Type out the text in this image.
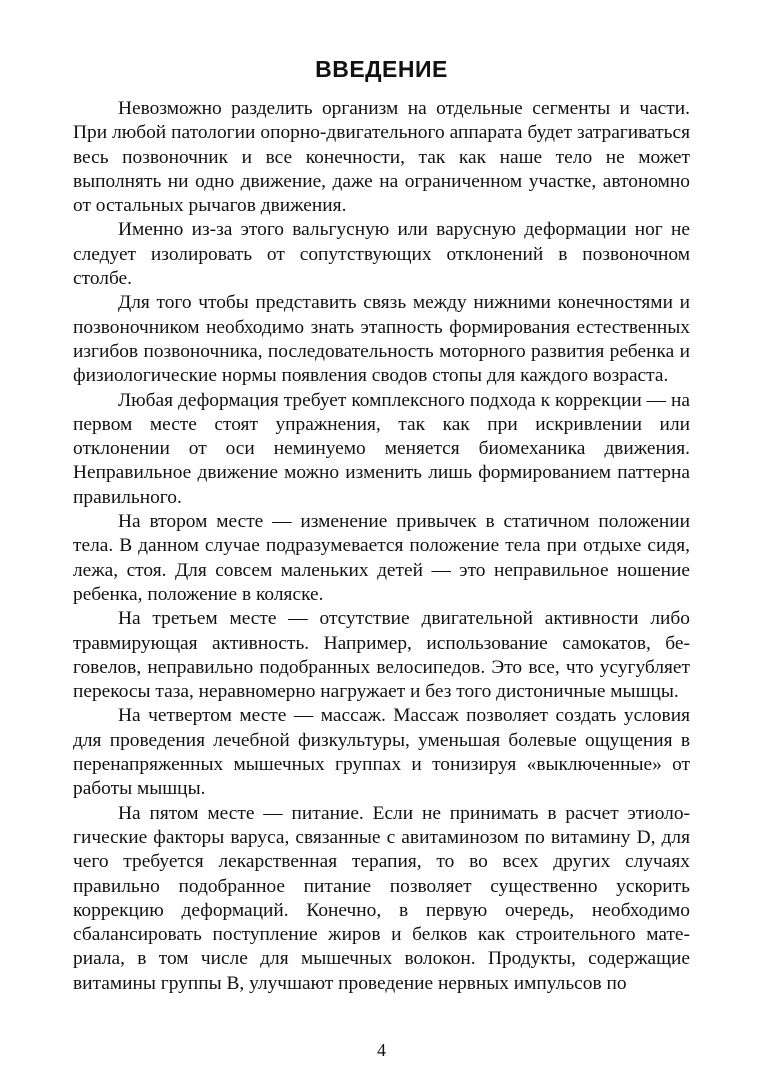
ВВЕДЕНИЕ

Невозможно разделить организм на отдельные сегменты и части. При любой патологии опорно-двигательного аппарата будет затрагиваться весь позвоночник и все конечности, так как наше тело не может выполнять ни одно движение, даже на ограниченном участке, автономно от остальных рычагов движения.

Именно из-за этого вальгусную или варусную деформации ног не следует изолировать от сопутствующих отклонений в позвоночном столбе.

Для того чтобы представить связь между нижними конечностями и позвоночником необходимо знать этапность формирования естественных изгибов позвоночника, последовательность моторного развития ребенка и физиологические нормы появления сводов стопы для каждого возраста.

Любая деформация требует комплексного подхода к коррекции — на первом месте стоят упражнения, так как при искривлении или отклонении от оси неминуемо меняется биомеханика движения. Неправильное движение можно изменить лишь формированием паттерна правильного.

На втором месте — изменение привычек в статичном положении тела. В данном случае подразумевается положение тела при отдыхе сидя, лежа, стоя. Для совсем маленьких детей — это неправильное ношение ребенка, положение в коляске.

На третьем месте — отсутствие двигательной активности либо травмирующая активность. Например, использование самокатов, беговелов, неправильно подобранных велосипедов. Это все, что усугубляет перекосы таза, неравномерно нагружает и без того дистоничные мышцы.

На четвертом месте — массаж. Массаж позволяет создать условия для проведения лечебной физкультуры, уменьшая болевые ощущения в перенапряженных мышечных группах и тонизируя «выключенные» от работы мышцы.

На пятом месте — питание. Если не принимать в расчет этиологические факторы варуса, связанные с авитаминозом по витамину D, для чего требуется лекарственная терапия, то во всех других случаях правильно подобранное питание позволяет существенно ускорить коррекцию деформаций. Конечно, в первую очередь, необходимо сбалансировать поступление жиров и белков как строительного материала, в том числе для мышечных волокон. Продукты, содержащие витамины группы B, улучшают проведение нервных импульсов по

4
